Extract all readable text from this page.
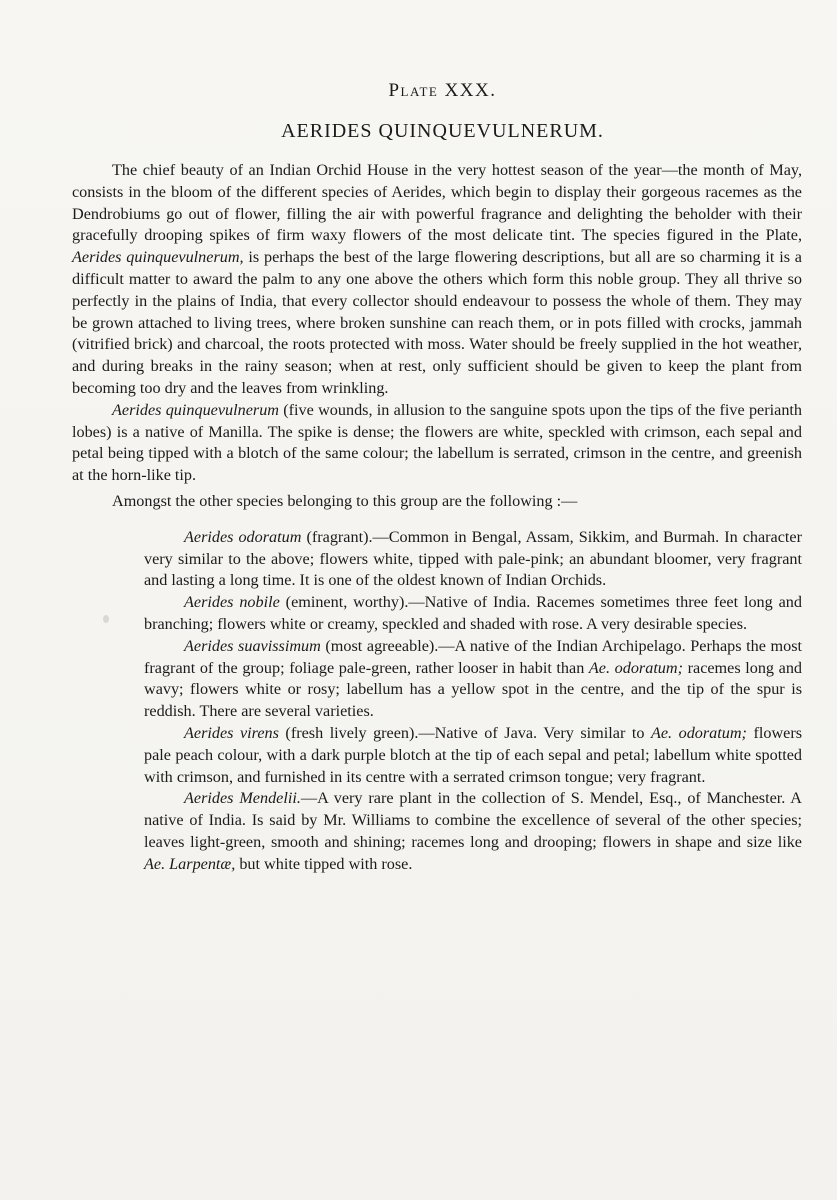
Plate XXX.
AERIDES QUINQUEVULNERUM.

The chief beauty of an Indian Orchid House in the very hottest season of the year—the month of May, consists in the bloom of the different species of Aerides, which begin to display their gorgeous racemes as the Dendrobiums go out of flower, filling the air with powerful fragrance and delighting the beholder with their gracefully drooping spikes of firm waxy flowers of the most delicate tint. The species figured in the Plate, Aerides quinquevulnerum, is perhaps the best of the large flowering descriptions, but all are so charming it is a difficult matter to award the palm to any one above the others which form this noble group. They all thrive so perfectly in the plains of India, that every collector should endeavour to possess the whole of them. They may be grown attached to living trees, where broken sunshine can reach them, or in pots filled with crocks, jammah (vitrified brick) and charcoal, the roots protected with moss. Water should be freely supplied in the hot weather, and during breaks in the rainy season; when at rest, only sufficient should be given to keep the plant from becoming too dry and the leaves from wrinkling.

Aerides quinquevulnerum (five wounds, in allusion to the sanguine spots upon the tips of the five perianth lobes) is a native of Manilla. The spike is dense; the flowers are white, speckled with crimson, each sepal and petal being tipped with a blotch of the same colour; the labellum is serrated, crimson in the centre, and greenish at the horn-like tip.

Amongst the other species belonging to this group are the following :—

Aerides odoratum (fragrant).—Common in Bengal, Assam, Sikkim, and Burmah. In character very similar to the above; flowers white, tipped with pale-pink; an abundant bloomer, very fragrant and lasting a long time. It is one of the oldest known of Indian Orchids.

Aerides nobile (eminent, worthy).—Native of India. Racemes sometimes three feet long and branching; flowers white or creamy, speckled and shaded with rose. A very desirable species.

Aerides suavissimum (most agreeable).—A native of the Indian Archipelago. Perhaps the most fragrant of the group; foliage pale-green, rather looser in habit than Ae. odoratum; racemes long and wavy; flowers white or rosy; labellum has a yellow spot in the centre, and the tip of the spur is reddish. There are several varieties.

Aerides virens (fresh lively green).—Native of Java. Very similar to Ae. odoratum; flowers pale peach colour, with a dark purple blotch at the tip of each sepal and petal; labellum white spotted with crimson, and furnished in its centre with a serrated crimson tongue; very fragrant.

Aerides Mendelii.—A very rare plant in the collection of S. Mendel, Esq., of Manchester. A native of India. Is said by Mr. Williams to combine the excellence of several of the other species; leaves light-green, smooth and shining; racemes long and drooping; flowers in shape and size like Ae. Larpentæ, but white tipped with rose.
